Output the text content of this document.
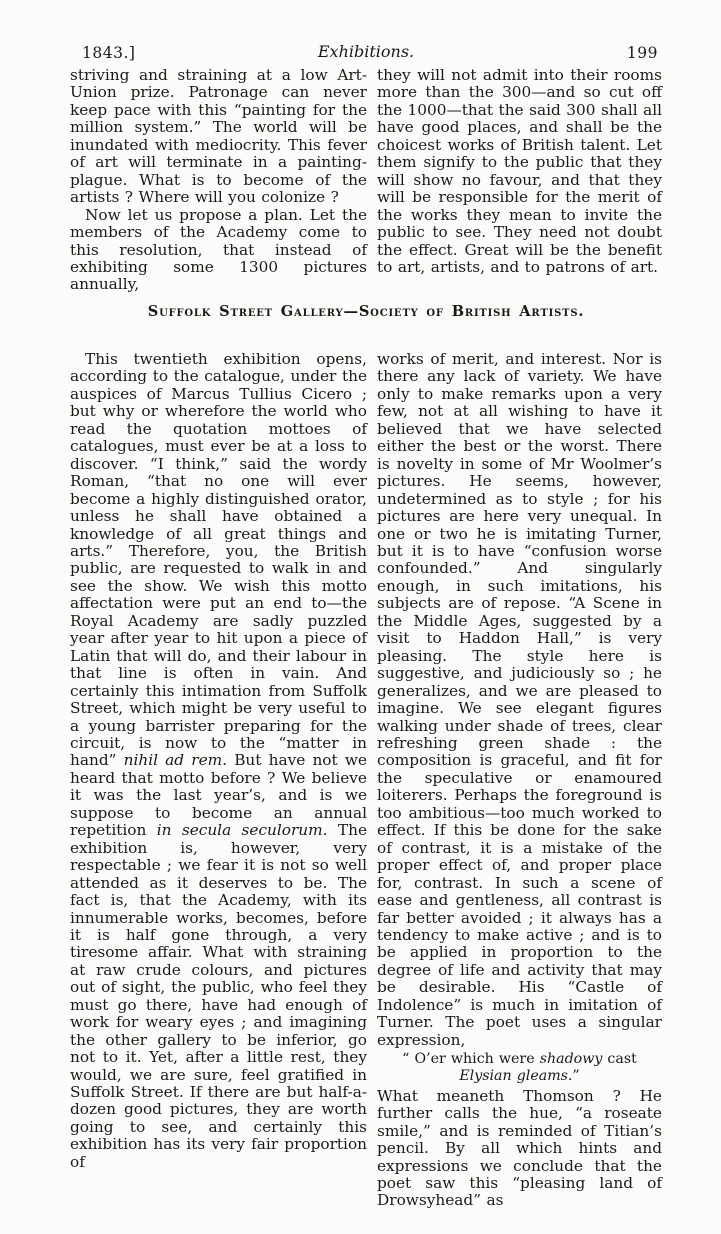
1843.]	Exhibitions.	199

striving and straining at a low Art-Union prize. Patronage can never keep pace with this “painting for the million system.” The world will be inundated with mediocrity. This fever of art will terminate in a painting-plague. What is to become of the artists ? Where will you colonize ?

Now let us propose a plan. Let the members of the Academy come to this resolution, that instead of exhibiting some 1300 pictures annually,

they will not admit into their rooms more than the 300—and so cut off the 1000—that the said 300 shall all have good places, and shall be the choicest works of British talent. Let them signify to the public that they will show no favour, and that they will be responsible for the merit of the works they mean to invite the public to see. They need not doubt the effect. Great will be the benefit to art, artists, and to patrons of art.

Suffolk Street Gallery—Society of British Artists.

This twentieth exhibition opens, according to the catalogue, under the auspices of Marcus Tullius Cicero ; but why or wherefore the world who read the quotation mottoes of catalogues, must ever be at a loss to discover. “I think,” said the wordy Roman, “that no one will ever become a highly distinguished orator, unless he shall have obtained a knowledge of all great things and arts.” Therefore, you, the British public, are requested to walk in and see the show. We wish this motto affectation were put an end to—the Royal Academy are sadly puzzled year after year to hit upon a piece of Latin that will do, and their labour in that line is often in vain. And certainly this intimation from Suffolk Street, which might be very useful to a young barrister preparing for the circuit, is now to the “matter in hand” nihil ad rem. But have not we heard that motto before ? We believe it was the last year’s, and is we suppose to become an annual repetition in secula seculorum. The exhibition is, however, very respectable ; we fear it is not so well attended as it deserves to be. The fact is, that the Academy, with its innumerable works, becomes, before it is half gone through, a very tiresome affair. What with straining at raw crude colours, and pictures out of sight, the public, who feel they must go there, have had enough of work for weary eyes ; and imagining the other gallery to be inferior, go not to it. Yet, after a little rest, they would, we are sure, feel gratified in Suffolk Street. If there are but half-a-dozen good pictures, they are worth going to see, and certainly this exhibition has its very fair proportion of

works of merit, and interest. Nor is there any lack of variety. We have only to make remarks upon a very few, not at all wishing to have it believed that we have selected either the best or the worst. There is novelty in some of Mr Woolmer’s pictures. He seems, however, undetermined as to style ; for his pictures are here very unequal. In one or two he is imitating Turner, but it is to have “confusion worse confounded.” And singularly enough, in such imitations, his subjects are of repose. “A Scene in the Middle Ages, suggested by a visit to Haddon Hall,” is very pleasing. The style here is suggestive, and judiciously so ; he generalizes, and we are pleased to imagine. We see elegant figures walking under shade of trees, clear refreshing green shade : the composition is graceful, and fit for the speculative or enamoured loiterers. Perhaps the foreground is too ambitious—too much worked to effect. If this be done for the sake of contrast, it is a mistake of the proper effect of, and proper place for, contrast. In such a scene of ease and gentleness, all contrast is far better avoided ; it always has a tendency to make active ; and is to be applied in proportion to the degree of life and activity that may be desirable. His “Castle of Indolence” is much in imitation of Turner. The poet uses a singular expression,

“ O’er which were shadowy cast Elysian gleams.”

What meaneth Thomson ? He further calls the hue, “a roseate smile,” and is reminded of Titian’s pencil. By all which hints and expressions we conclude that the poet saw this “pleasing land of Drowsyhead” as
